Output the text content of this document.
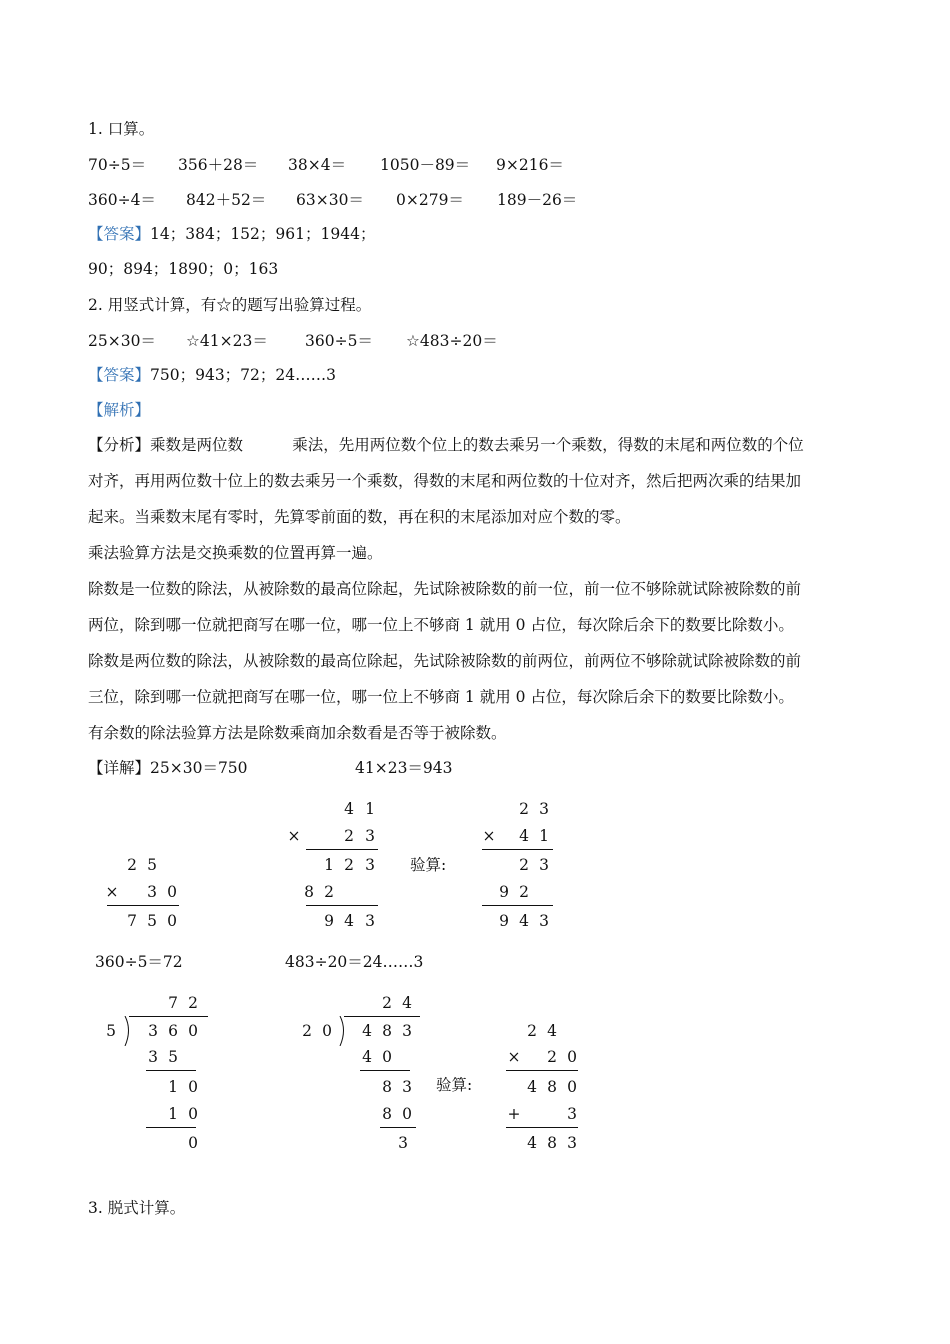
1. 口算。
70÷5＝ 356＋28＝ 38×4＝ 1050－89＝ 9×216＝
360÷4＝ 842＋52＝ 63×30＝ 0×279＝ 189－26＝
【答案】14；384；152；961；1944；
90；894；1890；0；163
2. 用竖式计算，有☆的题写出验算过程。
25×30＝ ☆41×23＝ 360÷5＝ ☆483÷20＝
【答案】750；943；72；24……3
【解析】
【分析】乘数是两位数          乘法，先用两位数个位上的数去乘另一个乘数，得数的末尾和两位数的个位
对齐，再用两位数十位上的数去乘另一个乘数，得数的末尾和两位数的十位对齐，然后把两次乘的结果加
起来。当乘数末尾有零时，先算零前面的数，再在积的末尾添加对应个数的零。
乘法验算方法是交换乘数的位置再算一遍。
除数是一位数的除法，从被除数的最高位除起，先试除被除数的前一位，前一位不够除就试除被除数的前
两位，除到哪一位就把商写在哪一位，哪一位上不够商 1 就用 0 占位，每次除后余下的数要比除数小。
除数是两位数的除法，从被除数的最高位除起，先试除被除数的前两位，前两位不够除就试除被除数的前
三位，除到哪一位就把商写在哪一位，哪一位上不够商 1 就用 0 占位，每次除后余下的数要比除数小。
有余数的除法验算方法是除数乘商加余数看是否等于被除数。
【详解】25×30＝750	41×23＝943
2 5
× 3 0
7 5 0
4 1
×	2 3
1 2 3
8 2
9 4 3
验算:
2 3
× 4 1
2 3
9 2
9 4 3
360÷5＝72	483÷20＝24……3
7 2
5 3 6 0
3 5
1 0
1 0
0
2 4
2 0 4 8 3
4 0
8 3
8 0
3
验算:
2 4
× 2 0
4 8 0
+	3
4 8 3
3. 脱式计算。
